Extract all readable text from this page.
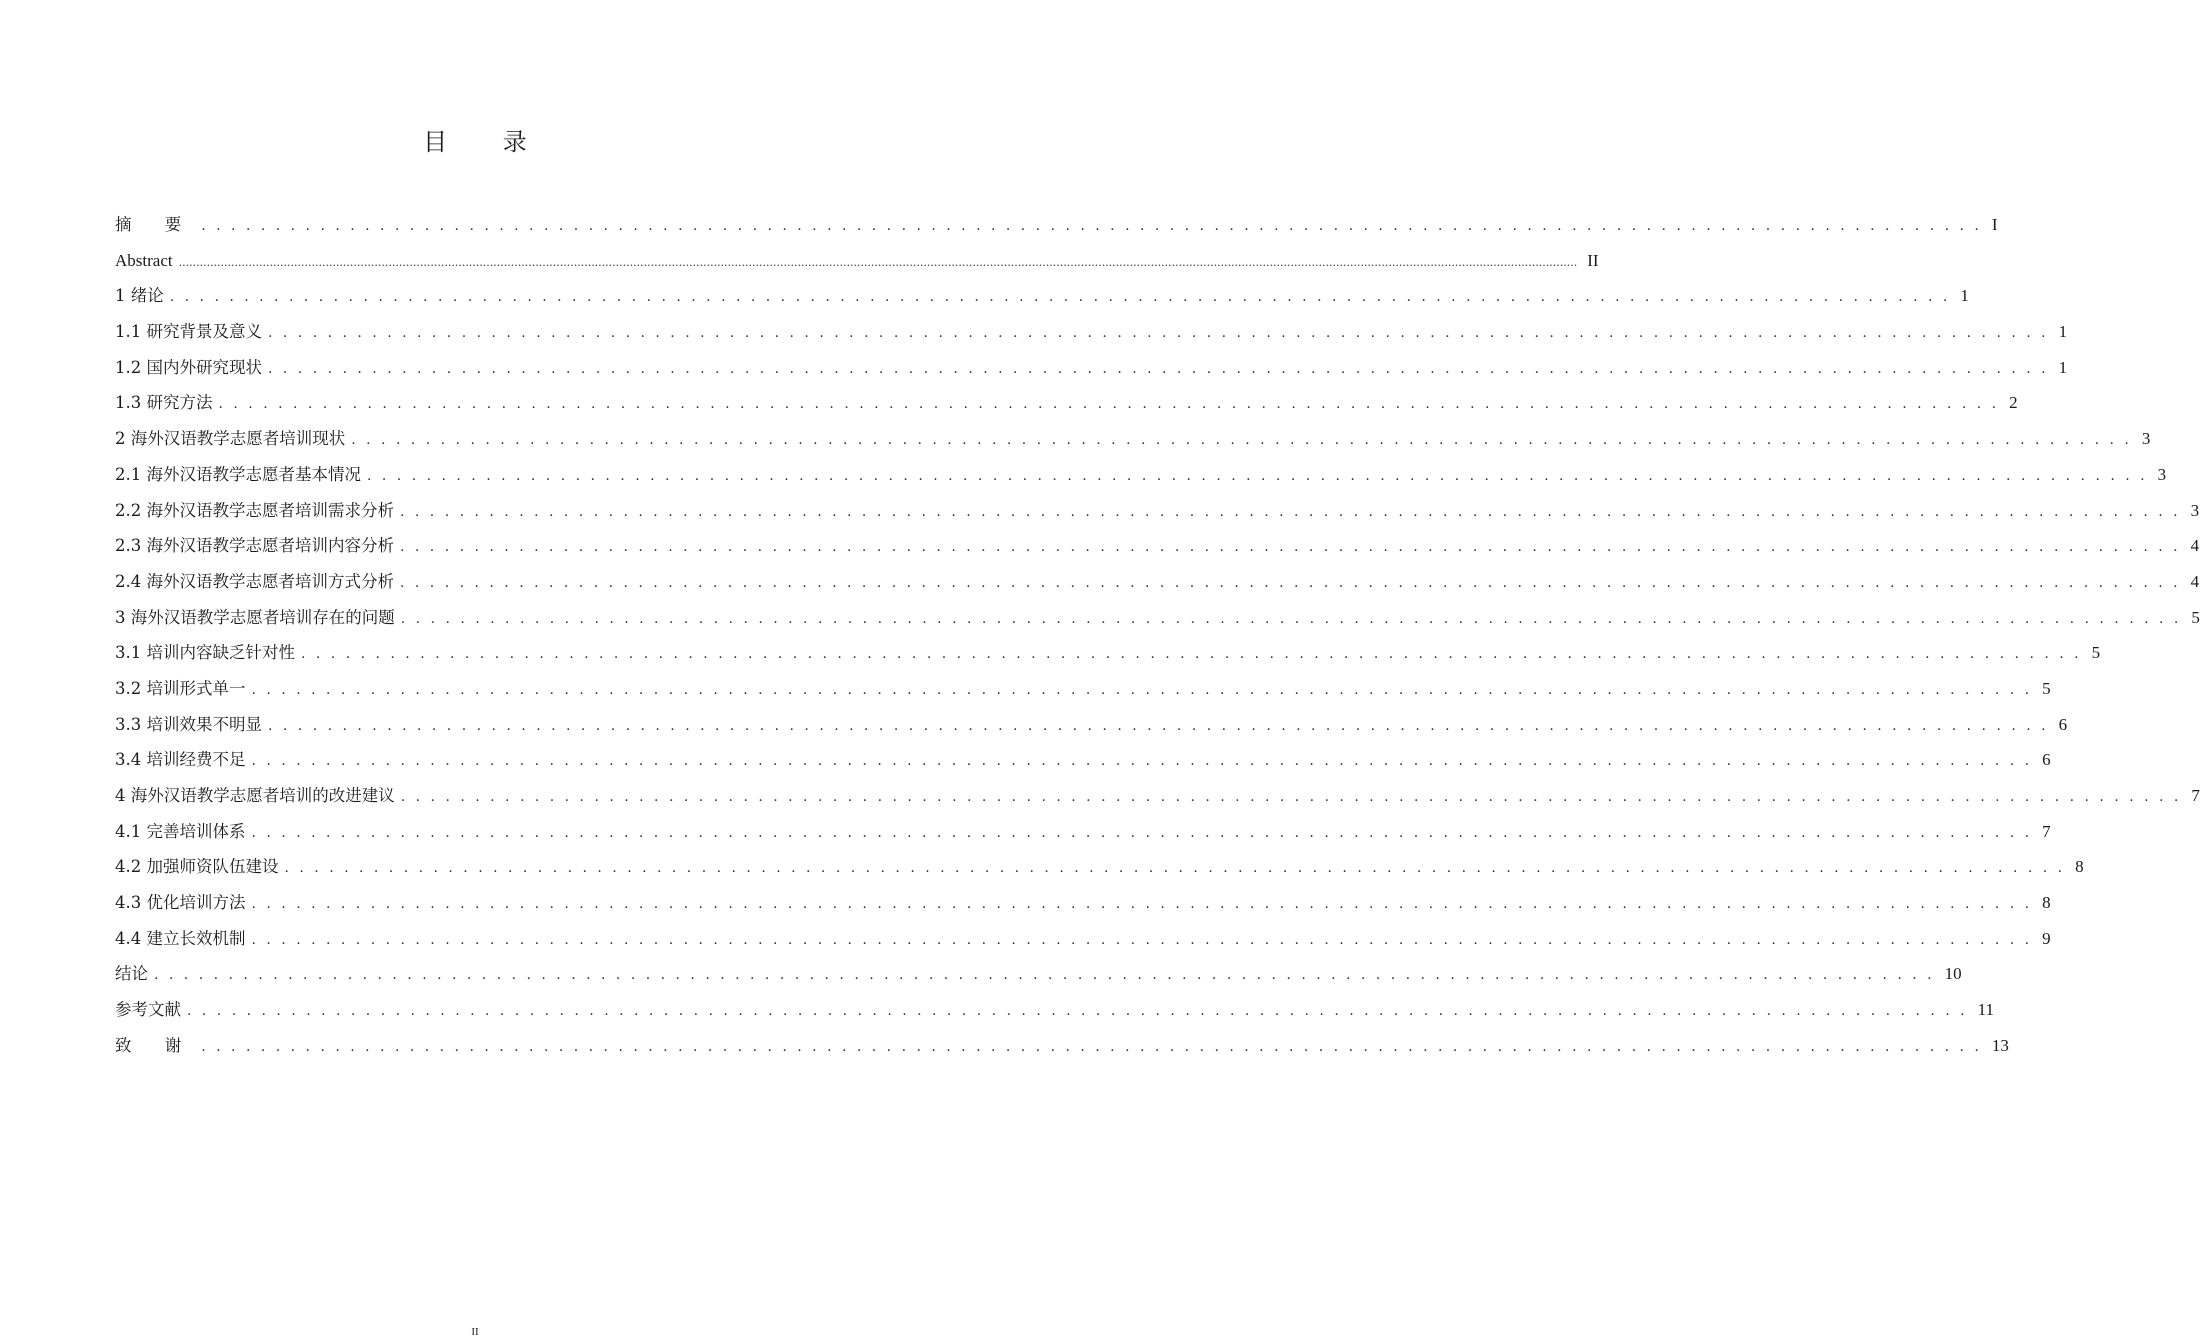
目 录
摘 要 . . . . . . . . . . . . . . . . . . . . . . . . . . . . . . . . . . . . . . . . . . . . . . . . . . . . . . . . . . . . . . . . . . . . . . . . . . . . . . . . . . . . . . . . . . . . . . . . . . . . . . . . . . . . . . . . . . . . . . . . I
Abstract ................................................................................................................................................................................................................................................................................................................................................................................................................ II
1 绪论 . . . . . . . . . . . . . . . . . . . . . . . . . . . . . . . . . . . . . . . . . . . . . . . . . . . . . . . . . . . . . . . . . . . . . . . . . . . . . . . . . . . . . . . . . . . . . . . . . . . . . . . . . . . . . . . . . . . . . . . . 1
1.1 研究背景及意义 . . . . . . . . . . . . . . . . . . . . . . . . . . . . . . . . . . . . . . . . . . . . . . . . . . . . . . . . . . . . . . . . . . . . . . . . . . . . . . . . . . . . . . . . . . . . . . . . . . . . . . . . . . . . . . . . . . . . . . . . 1
1.2 国内外研究现状 . . . . . . . . . . . . . . . . . . . . . . . . . . . . . . . . . . . . . . . . . . . . . . . . . . . . . . . . . . . . . . . . . . . . . . . . . . . . . . . . . . . . . . . . . . . . . . . . . . . . . . . . . . . . . . . . . . . . . . . . 1
1.3 研究方法 . . . . . . . . . . . . . . . . . . . . . . . . . . . . . . . . . . . . . . . . . . . . . . . . . . . . . . . . . . . . . . . . . . . . . . . . . . . . . . . . . . . . . . . . . . . . . . . . . . . . . . . . . . . . . . . . . . . . . . . . 2
2 海外汉语教学志愿者培训现状 . . . . . . . . . . . . . . . . . . . . . . . . . . . . . . . . . . . . . . . . . . . . . . . . . . . . . . . . . . . . . . . . . . . . . . . . . . . . . . . . . . . . . . . . . . . . . . . . . . . . . . . . . . . . . . . . . . . . . . . . 3
2.1 海外汉语教学志愿者基本情况 . . . . . . . . . . . . . . . . . . . . . . . . . . . . . . . . . . . . . . . . . . . . . . . . . . . . . . . . . . . . . . . . . . . . . . . . . . . . . . . . . . . . . . . . . . . . . . . . . . . . . . . . . . . . . . . . . . . . . . . . 3
2.2 海外汉语教学志愿者培训需求分析 . . . . . . . . . . . . . . . . . . . . . . . . . . . . . . . . . . . . . . . . . . . . . . . . . . . . . . . . . . . . . . . . . . . . . . . . . . . . . . . . . . . . . . . . . . . . . . . . . . . . . . . . . . . . . . . . . . . . . . . . 3
2.3 海外汉语教学志愿者培训内容分析 . . . . . . . . . . . . . . . . . . . . . . . . . . . . . . . . . . . . . . . . . . . . . . . . . . . . . . . . . . . . . . . . . . . . . . . . . . . . . . . . . . . . . . . . . . . . . . . . . . . . . . . . . . . . . . . . . . . . . . . . 4
2.4 海外汉语教学志愿者培训方式分析 . . . . . . . . . . . . . . . . . . . . . . . . . . . . . . . . . . . . . . . . . . . . . . . . . . . . . . . . . . . . . . . . . . . . . . . . . . . . . . . . . . . . . . . . . . . . . . . . . . . . . . . . . . . . . . . . . . . . . . . . 4
3 海外汉语教学志愿者培训存在的问题 . . . . . . . . . . . . . . . . . . . . . . . . . . . . . . . . . . . . . . . . . . . . . . . . . . . . . . . . . . . . . . . . . . . . . . . . . . . . . . . . . . . . . . . . . . . . . . . . . . . . . . . . . . . . . . . . . . . . . . . . 5
3.1 培训内容缺乏针对性 . . . . . . . . . . . . . . . . . . . . . . . . . . . . . . . . . . . . . . . . . . . . . . . . . . . . . . . . . . . . . . . . . . . . . . . . . . . . . . . . . . . . . . . . . . . . . . . . . . . . . . . . . . . . . . . . . . . . . . . . 5
3.2 培训形式单一 . . . . . . . . . . . . . . . . . . . . . . . . . . . . . . . . . . . . . . . . . . . . . . . . . . . . . . . . . . . . . . . . . . . . . . . . . . . . . . . . . . . . . . . . . . . . . . . . . . . . . . . . . . . . . . . . . . . . . . . . 5
3.3 培训效果不明显 . . . . . . . . . . . . . . . . . . . . . . . . . . . . . . . . . . . . . . . . . . . . . . . . . . . . . . . . . . . . . . . . . . . . . . . . . . . . . . . . . . . . . . . . . . . . . . . . . . . . . . . . . . . . . . . . . . . . . . . . 6
3.4 培训经费不足 . . . . . . . . . . . . . . . . . . . . . . . . . . . . . . . . . . . . . . . . . . . . . . . . . . . . . . . . . . . . . . . . . . . . . . . . . . . . . . . . . . . . . . . . . . . . . . . . . . . . . . . . . . . . . . . . . . . . . . . . 6
4 海外汉语教学志愿者培训的改进建议 . . . . . . . . . . . . . . . . . . . . . . . . . . . . . . . . . . . . . . . . . . . . . . . . . . . . . . . . . . . . . . . . . . . . . . . . . . . . . . . . . . . . . . . . . . . . . . . . . . . . . . . . . . . . . . . . . . . . . . . . 7
4.1 完善培训体系 . . . . . . . . . . . . . . . . . . . . . . . . . . . . . . . . . . . . . . . . . . . . . . . . . . . . . . . . . . . . . . . . . . . . . . . . . . . . . . . . . . . . . . . . . . . . . . . . . . . . . . . . . . . . . . . . . . . . . . . . 7
4.2 加强师资队伍建设 . . . . . . . . . . . . . . . . . . . . . . . . . . . . . . . . . . . . . . . . . . . . . . . . . . . . . . . . . . . . . . . . . . . . . . . . . . . . . . . . . . . . . . . . . . . . . . . . . . . . . . . . . . . . . . . . . . . . . . . . 8
4.3 优化培训方法 . . . . . . . . . . . . . . . . . . . . . . . . . . . . . . . . . . . . . . . . . . . . . . . . . . . . . . . . . . . . . . . . . . . . . . . . . . . . . . . . . . . . . . . . . . . . . . . . . . . . . . . . . . . . . . . . . . . . . . . . 8
4.4 建立长效机制 . . . . . . . . . . . . . . . . . . . . . . . . . . . . . . . . . . . . . . . . . . . . . . . . . . . . . . . . . . . . . . . . . . . . . . . . . . . . . . . . . . . . . . . . . . . . . . . . . . . . . . . . . . . . . . . . . . . . . . . . 9
结论 . . . . . . . . . . . . . . . . . . . . . . . . . . . . . . . . . . . . . . . . . . . . . . . . . . . . . . . . . . . . . . . . . . . . . . . . . . . . . . . . . . . . . . . . . . . . . . . . . . . . . . . . . . . . . . . . . . . . . . . . 10
参考文献 . . . . . . . . . . . . . . . . . . . . . . . . . . . . . . . . . . . . . . . . . . . . . . . . . . . . . . . . . . . . . . . . . . . . . . . . . . . . . . . . . . . . . . . . . . . . . . . . . . . . . . . . . . . . . . . . . . . . . . . . 11
致 谢 . . . . . . . . . . . . . . . . . . . . . . . . . . . . . . . . . . . . . . . . . . . . . . . . . . . . . . . . . . . . . . . . . . . . . . . . . . . . . . . . . . . . . . . . . . . . . . . . . . . . . . . . . . . . . . . . . . . . . . . . 13
II
